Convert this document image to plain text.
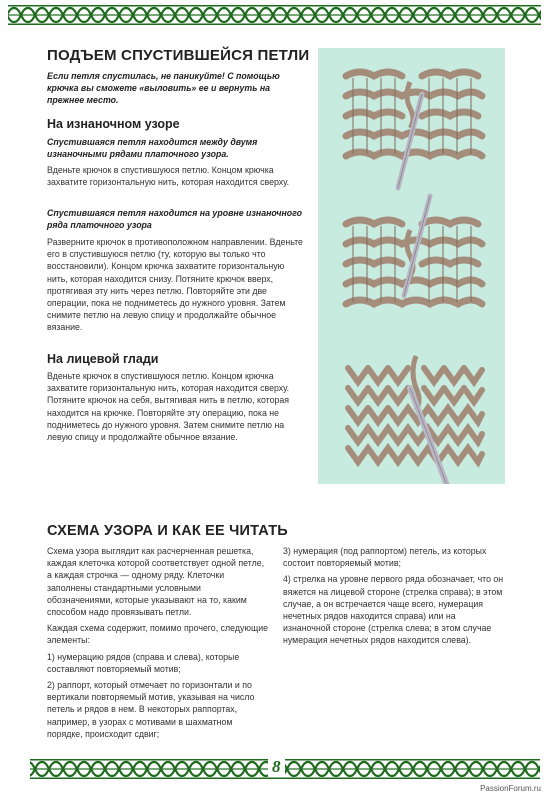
ПОДЪЕМ СПУСТИВШЕЙСЯ ПЕТЛИ
Если петля спустилась, не паникуйте! С помощью крючка вы сможете «выловить» ее и вернуть на прежнее место.
На изнаночном узоре
Спустившаяся петля находится между двумя изнаночными рядами платочного узора.
Вденьте крючок в спустившуюся петлю. Концом крючка захватите горизонтальную нить, которая находится сверху.
Спустившаяся петля находится на уровне изнаночного ряда платочного узора
Разверните крючок в противоположном направлении. Вденьте его в спустившуюся петлю (ту, которую вы только что восстановили). Концом крючка захватите горизонтальную нить, которая находится снизу. Потяните крючок вверх, протягивая эту нить через петлю. Повторяйте эти две операции, пока не подниметесь до нужного уровня. Затем снимите петлю на левую спицу и продолжайте обычное вязание.
На лицевой глади
Вденьте крючок в спустившуюся петлю. Концом крючка захватите горизонтальную нить, которая находится сверху. Потяните крючок на себя, вытягивая нить в петлю, которая находится на крючке. Повторяйте эту операцию, пока не подниметесь до нужного уровня. Затем снимите петлю на левую спицу и продолжайте обычное вязание.
СХЕМА УЗОРА И КАК ЕЕ ЧИТАТЬ

Схема узора выглядит как расчерченная решетка, каждая клеточка которой соответствует одной петле, а каждая строчка — одному ряду. Клеточки заполнены стандартными условными обозначениями, которые указывают на то, каким способом надо провязывать петли.

Каждая схема содержит, помимо прочего, следующие элементы:

1) нумерацию рядов (справа и слева), которые составляют повторяемый мотив;

2) раппорт, который отмечает по горизонтали и по вертикали повторяемый мотив, указывая на число петель и рядов в нем. В некоторых раппортах, например, в узорах с мотивами в шахматном порядке, происходит сдвиг;

3) нумерация (под раппортом) петель, из которых состоит повторяемый мотив;

4) стрелка на уровне первого ряда обозначает, что он вяжется на лицевой стороне (стрелка справа); в этом случае, а он встречается чаще всего, нумерация нечетных рядов находится справа) или на изнаночной стороне (стрелка слева; в этом случае нумерация нечетных рядов находится слева).

8
PassionForum.ru
